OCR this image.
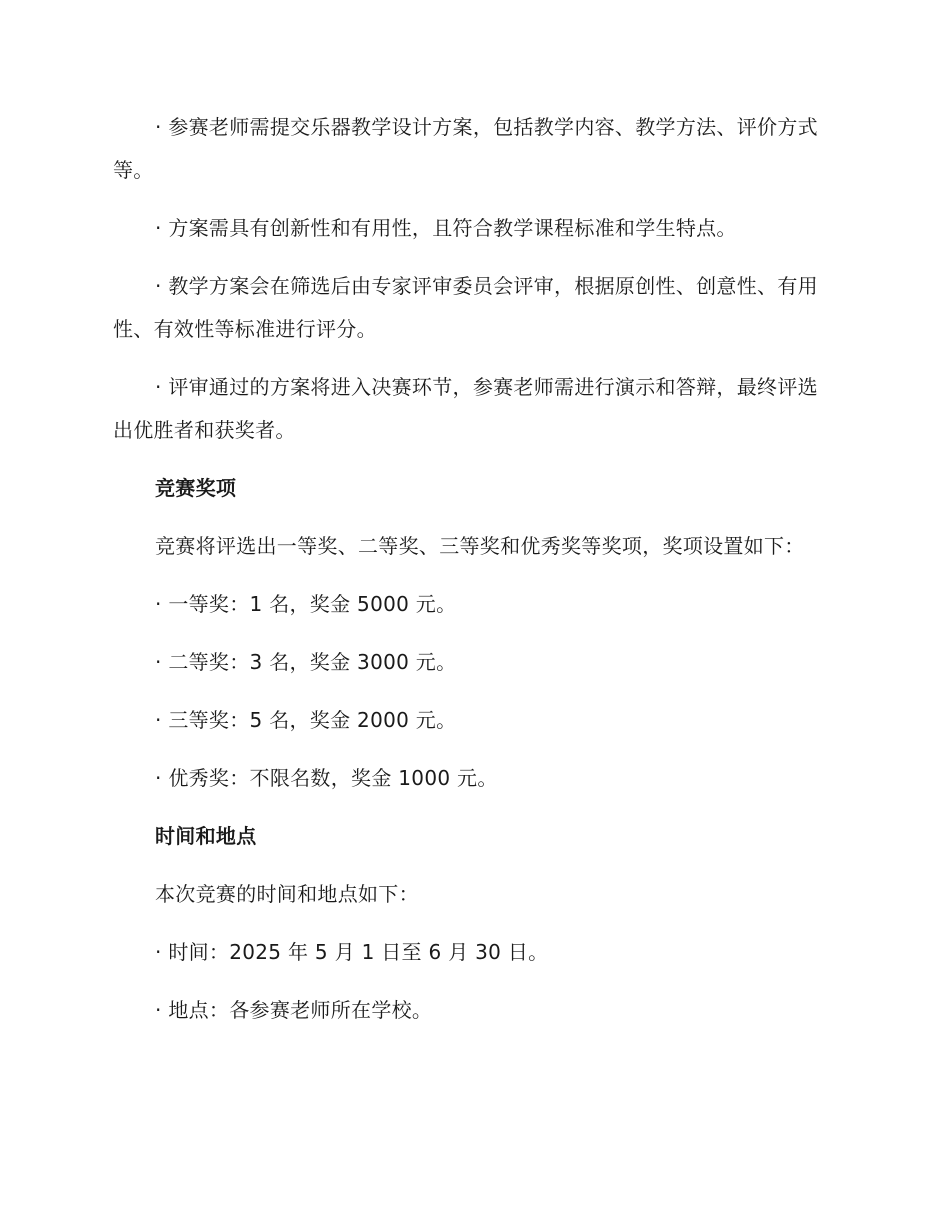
· 参赛老师需提交乐器教学设计方案，包括教学内容、教学方法、评价方式等。

· 方案需具有创新性和有用性，且符合教学课程标准和学生特点。

· 教学方案会在筛选后由专家评审委员会评审，根据原创性、创意性、有用性、有效性等标准进行评分。

· 评审通过的方案将进入决赛环节，参赛老师需进行演示和答辩，最终评选出优胜者和获奖者。

竞赛奖项

竞赛将评选出一等奖、二等奖、三等奖和优秀奖等奖项，奖项设置如下：

· 一等奖：1 名，奖金 5000 元。

· 二等奖：3 名，奖金 3000 元。

· 三等奖：5 名，奖金 2000 元。

· 优秀奖：不限名数，奖金 1000 元。

时间和地点

本次竞赛的时间和地点如下：

· 时间：2025 年 5 月 1 日至 6 月 30 日。

· 地点：各参赛老师所在学校。
